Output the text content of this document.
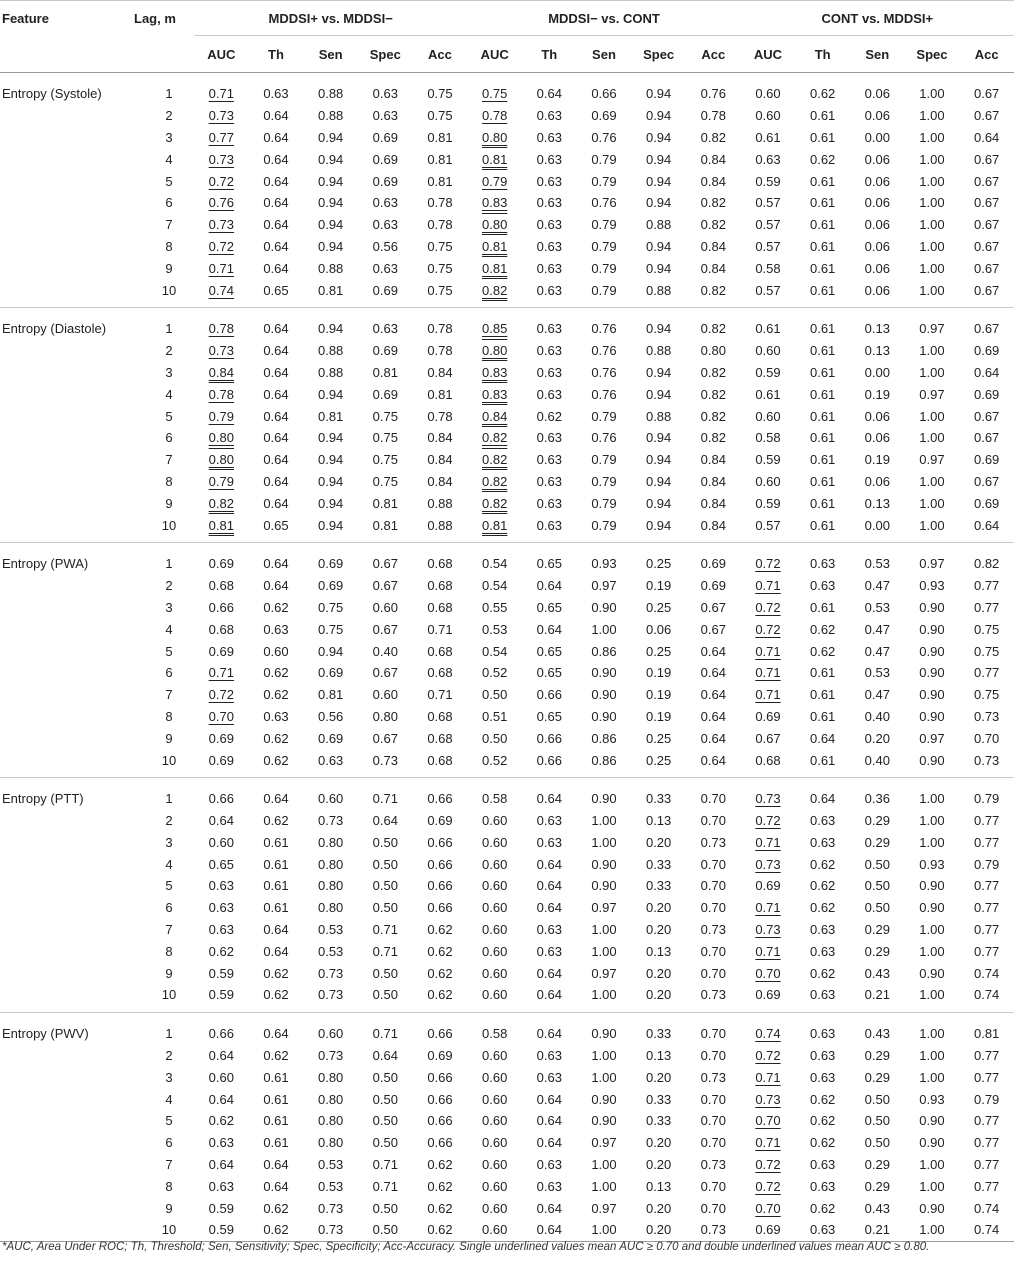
Feature	Lag, m	MDDSI+ vs. MDDSI−					MDDSI− vs. CONT					CONT vs. MDDSI+				
		AUC	Th	Sen	Spec	Acc	AUC	Th	Sen	Spec	Acc	AUC	Th	Sen	Spec	Acc
Entropy (Systole)	1	0.71	0.63	0.88	0.63	0.75	0.75	0.64	0.66	0.94	0.76	0.60	0.62	0.06	1.00	0.67
	2	0.73	0.64	0.88	0.63	0.75	0.78	0.63	0.69	0.94	0.78	0.60	0.61	0.06	1.00	0.67
	3	0.77	0.64	0.94	0.69	0.81	0.80	0.63	0.76	0.94	0.82	0.61	0.61	0.00	1.00	0.64
	4	0.73	0.64	0.94	0.69	0.81	0.81	0.63	0.79	0.94	0.84	0.63	0.62	0.06	1.00	0.67
	5	0.72	0.64	0.94	0.69	0.81	0.79	0.63	0.79	0.94	0.84	0.59	0.61	0.06	1.00	0.67
	6	0.76	0.64	0.94	0.63	0.78	0.83	0.63	0.76	0.94	0.82	0.57	0.61	0.06	1.00	0.67
	7	0.73	0.64	0.94	0.63	0.78	0.80	0.63	0.79	0.88	0.82	0.57	0.61	0.06	1.00	0.67
	8	0.72	0.64	0.94	0.56	0.75	0.81	0.63	0.79	0.94	0.84	0.57	0.61	0.06	1.00	0.67
	9	0.71	0.64	0.88	0.63	0.75	0.81	0.63	0.79	0.94	0.84	0.58	0.61	0.06	1.00	0.67
	10	0.74	0.65	0.81	0.69	0.75	0.82	0.63	0.79	0.88	0.82	0.57	0.61	0.06	1.00	0.67
Entropy (Diastole)	1	0.78	0.64	0.94	0.63	0.78	0.85	0.63	0.76	0.94	0.82	0.61	0.61	0.13	0.97	0.67
	2	0.73	0.64	0.88	0.69	0.78	0.80	0.63	0.76	0.88	0.80	0.60	0.61	0.13	1.00	0.69
	3	0.84	0.64	0.88	0.81	0.84	0.83	0.63	0.76	0.94	0.82	0.59	0.61	0.00	1.00	0.64
	4	0.78	0.64	0.94	0.69	0.81	0.83	0.63	0.76	0.94	0.82	0.61	0.61	0.19	0.97	0.69
	5	0.79	0.64	0.81	0.75	0.78	0.84	0.62	0.79	0.88	0.82	0.60	0.61	0.06	1.00	0.67
	6	0.80	0.64	0.94	0.75	0.84	0.82	0.63	0.76	0.94	0.82	0.58	0.61	0.06	1.00	0.67
	7	0.80	0.64	0.94	0.75	0.84	0.82	0.63	0.79	0.94	0.84	0.59	0.61	0.19	0.97	0.69
	8	0.79	0.64	0.94	0.75	0.84	0.82	0.63	0.79	0.94	0.84	0.60	0.61	0.06	1.00	0.67
	9	0.82	0.64	0.94	0.81	0.88	0.82	0.63	0.79	0.94	0.84	0.59	0.61	0.13	1.00	0.69
	10	0.81	0.65	0.94	0.81	0.88	0.81	0.63	0.79	0.94	0.84	0.57	0.61	0.00	1.00	0.64
Entropy (PWA)	1	0.69	0.64	0.69	0.67	0.68	0.54	0.65	0.93	0.25	0.69	0.72	0.63	0.53	0.97	0.82
	2	0.68	0.64	0.69	0.67	0.68	0.54	0.64	0.97	0.19	0.69	0.71	0.63	0.47	0.93	0.77
	3	0.66	0.62	0.75	0.60	0.68	0.55	0.65	0.90	0.25	0.67	0.72	0.61	0.53	0.90	0.77
	4	0.68	0.63	0.75	0.67	0.71	0.53	0.64	1.00	0.06	0.67	0.72	0.62	0.47	0.90	0.75
	5	0.69	0.60	0.94	0.40	0.68	0.54	0.65	0.86	0.25	0.64	0.71	0.62	0.47	0.90	0.75
	6	0.71	0.62	0.69	0.67	0.68	0.52	0.65	0.90	0.19	0.64	0.71	0.61	0.53	0.90	0.77
	7	0.72	0.62	0.81	0.60	0.71	0.50	0.66	0.90	0.19	0.64	0.71	0.61	0.47	0.90	0.75
	8	0.70	0.63	0.56	0.80	0.68	0.51	0.65	0.90	0.19	0.64	0.69	0.61	0.40	0.90	0.73
	9	0.69	0.62	0.69	0.67	0.68	0.50	0.66	0.86	0.25	0.64	0.67	0.64	0.20	0.97	0.70
	10	0.69	0.62	0.63	0.73	0.68	0.52	0.66	0.86	0.25	0.64	0.68	0.61	0.40	0.90	0.73
Entropy (PTT)	1	0.66	0.64	0.60	0.71	0.66	0.58	0.64	0.90	0.33	0.70	0.73	0.64	0.36	1.00	0.79
	2	0.64	0.62	0.73	0.64	0.69	0.60	0.63	1.00	0.13	0.70	0.72	0.63	0.29	1.00	0.77
	3	0.60	0.61	0.80	0.50	0.66	0.60	0.63	1.00	0.20	0.73	0.71	0.63	0.29	1.00	0.77
	4	0.65	0.61	0.80	0.50	0.66	0.60	0.64	0.90	0.33	0.70	0.73	0.62	0.50	0.93	0.79
	5	0.63	0.61	0.80	0.50	0.66	0.60	0.64	0.90	0.33	0.70	0.69	0.62	0.50	0.90	0.77
	6	0.63	0.61	0.80	0.50	0.66	0.60	0.64	0.97	0.20	0.70	0.71	0.62	0.50	0.90	0.77
	7	0.63	0.64	0.53	0.71	0.62	0.60	0.63	1.00	0.20	0.73	0.73	0.63	0.29	1.00	0.77
	8	0.62	0.64	0.53	0.71	0.62	0.60	0.63	1.00	0.13	0.70	0.71	0.63	0.29	1.00	0.77
	9	0.59	0.62	0.73	0.50	0.62	0.60	0.64	0.97	0.20	0.70	0.70	0.62	0.43	0.90	0.74
	10	0.59	0.62	0.73	0.50	0.62	0.60	0.64	1.00	0.20	0.73	0.69	0.63	0.21	1.00	0.74
Entropy (PWV)	1	0.66	0.64	0.60	0.71	0.66	0.58	0.64	0.90	0.33	0.70	0.74	0.63	0.43	1.00	0.81
	2	0.64	0.62	0.73	0.64	0.69	0.60	0.63	1.00	0.13	0.70	0.72	0.63	0.29	1.00	0.77
	3	0.60	0.61	0.80	0.50	0.66	0.60	0.63	1.00	0.20	0.73	0.71	0.63	0.29	1.00	0.77
	4	0.64	0.61	0.80	0.50	0.66	0.60	0.64	0.90	0.33	0.70	0.73	0.62	0.50	0.93	0.79
	5	0.62	0.61	0.80	0.50	0.66	0.60	0.64	0.90	0.33	0.70	0.70	0.62	0.50	0.90	0.77
	6	0.63	0.61	0.80	0.50	0.66	0.60	0.64	0.97	0.20	0.70	0.71	0.62	0.50	0.90	0.77
	7	0.64	0.64	0.53	0.71	0.62	0.60	0.63	1.00	0.20	0.73	0.72	0.63	0.29	1.00	0.77
	8	0.63	0.64	0.53	0.71	0.62	0.60	0.63	1.00	0.13	0.70	0.72	0.63	0.29	1.00	0.77
	9	0.59	0.62	0.73	0.50	0.62	0.60	0.64	0.97	0.20	0.70	0.70	0.62	0.43	0.90	0.74
	10	0.59	0.62	0.73	0.50	0.62	0.60	0.64	1.00	0.20	0.73	0.69	0.63	0.21	1.00	0.74
*AUC, Area Under ROC; Th, Threshold; Sen, Sensitivity; Spec, Specificity; Acc-Accuracy. Single underlined values mean AUC ≥ 0.70 and double underlined values mean AUC ≥ 0.80.
